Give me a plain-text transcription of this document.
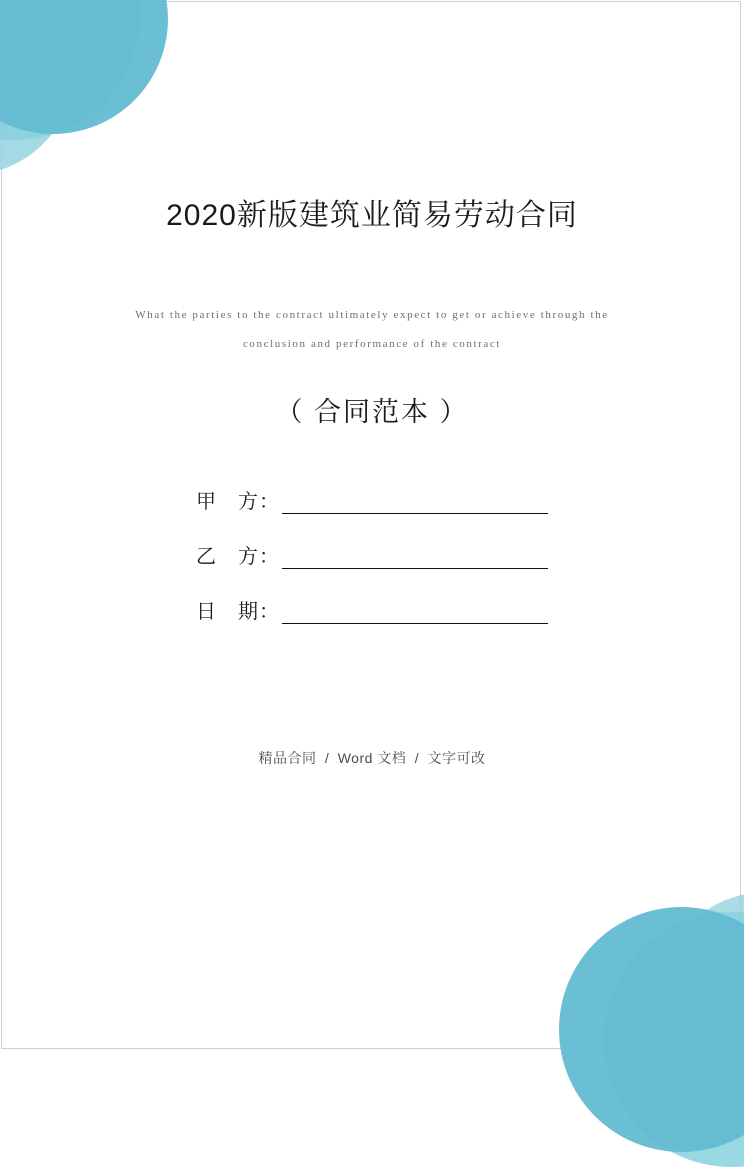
2020新版建筑业简易劳动合同

What the parties to the contract ultimately expect to get or achieve through the
conclusion and performance of the contract

（ 合同范本 ）

甲　方：
乙　方：
日　期：
精品合同 / Word 文档 / 文字可改
